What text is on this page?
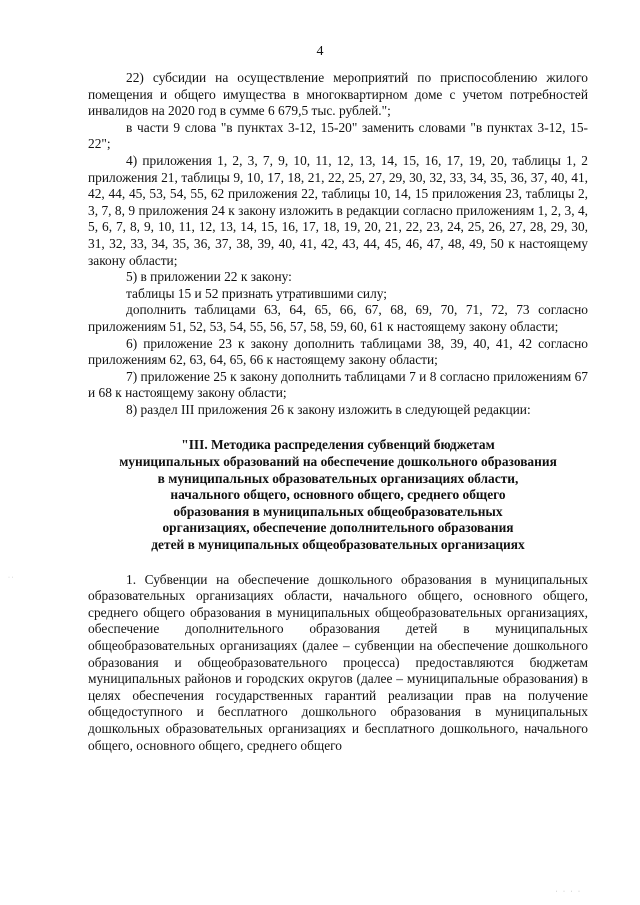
4

22) субсидии на осуществление мероприятий по приспособлению жилого помещения и общего имущества в многоквартирном доме с учетом потребностей инвалидов на 2020 год в сумме 6 679,5 тыс. рублей.";

в части 9 слова "в пунктах 3-12, 15-20" заменить словами "в пунктах 3-12, 15-22";

4) приложения 1, 2, 3, 7, 9, 10, 11, 12, 13, 14, 15, 16, 17, 19, 20, таблицы 1, 2 приложения 21, таблицы 9, 10, 17, 18, 21, 22, 25, 27, 29, 30, 32, 33, 34, 35, 36, 37, 40, 41, 42, 44, 45, 53, 54, 55, 62 приложения 22, таблицы 10, 14, 15 приложения 23, таблицы 2, 3, 7, 8, 9 приложения 24 к закону изложить в редакции согласно приложениям 1, 2, 3, 4, 5, 6, 7, 8, 9, 10, 11, 12, 13, 14, 15, 16, 17, 18, 19, 20, 21, 22, 23, 24, 25, 26, 27, 28, 29, 30, 31, 32, 33, 34, 35, 36, 37, 38, 39, 40, 41, 42, 43, 44, 45, 46, 47, 48, 49, 50 к настоящему закону области;

5) в приложении 22 к закону:

таблицы 15 и 52 признать утратившими силу;

дополнить таблицами 63, 64, 65, 66, 67, 68, 69, 70, 71, 72, 73 согласно приложениям 51, 52, 53, 54, 55, 56, 57, 58, 59, 60, 61 к настоящему закону области;

6) приложение 23 к закону дополнить таблицами 38, 39, 40, 41, 42 согласно приложениям 62, 63, 64, 65, 66 к настоящему закону области;

7) приложение 25 к закону дополнить таблицами 7 и 8 согласно приложениям 67 и 68 к настоящему закону области;

8) раздел III приложения 26 к закону изложить в следующей редакции:

"III. Методика распределения субвенций бюджетам
муниципальных образований на обеспечение дошкольного образования
в муниципальных образовательных организациях области,
начального общего, основного общего, среднего общего
образования в муниципальных общеобразовательных
организациях, обеспечение дополнительного образования
детей в муниципальных общеобразовательных организациях

1. Субвенции на обеспечение дошкольного образования в муниципальных образовательных организациях области, начального общего, основного общего, среднего общего образования в муниципальных общеобразовательных организациях, обеспечение дополнительного образования детей в муниципальных общеобразовательных организациях (далее – субвенции на обеспечение дошкольного образования и общеобразовательного процесса) предоставляются бюджетам муниципальных районов и городских округов (далее – муниципальные образования) в целях обеспечения государственных гарантий реализации прав на получение общедоступного и бесплатного дошкольного образования в муниципальных дошкольных образовательных организациях и бесплатного дошкольного, начального общего, основного общего, среднего общего

· ·
· · · ·
